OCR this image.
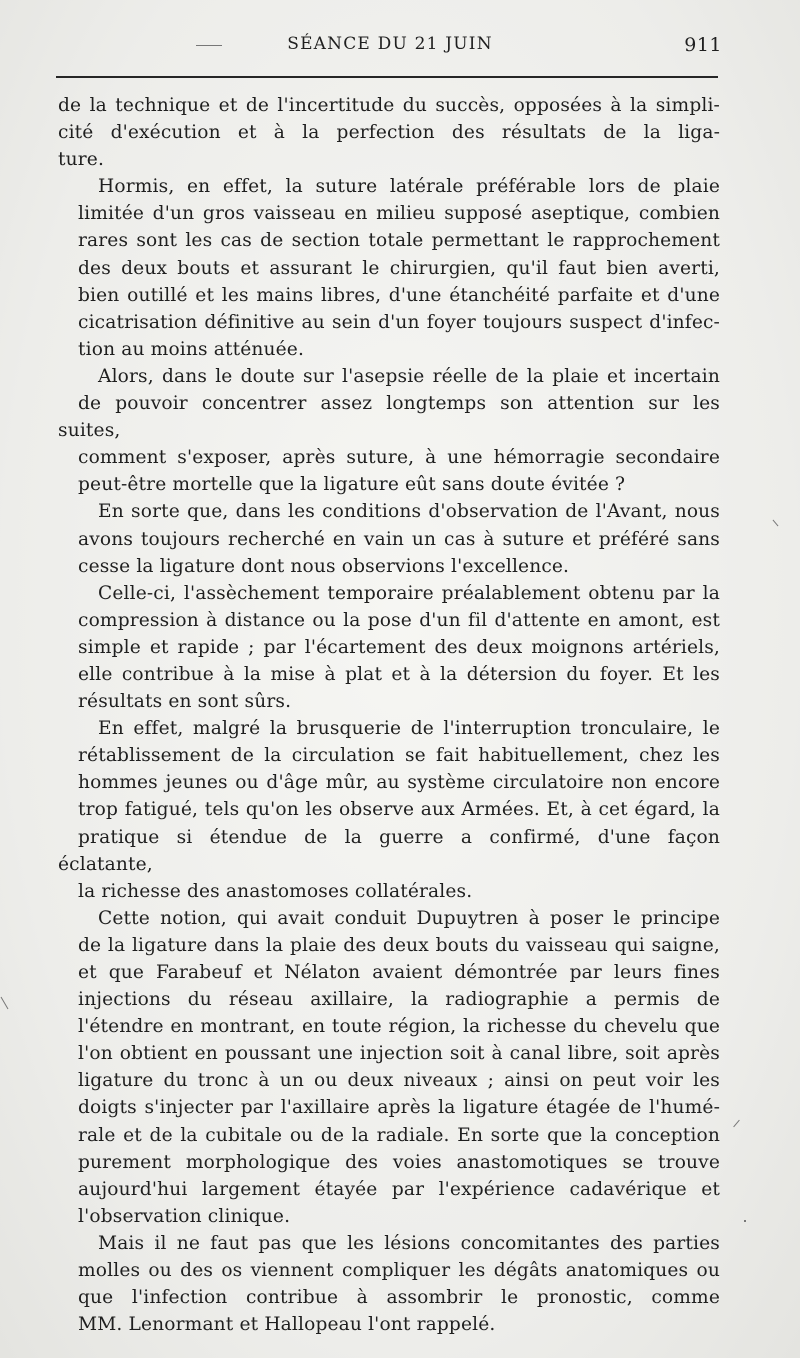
SÉANCE DU 21 JUIN	911

de la technique et de l'incertitude du succès, opposées à la simpli-
cité d'exécution et à la perfection des résultats de la liga-
ture.

Hormis, en effet, la suture latérale préférable lors de plaie
limitée d'un gros vaisseau en milieu supposé aseptique, combien
rares sont les cas de section totale permettant le rapprochement
des deux bouts et assurant le chirurgien, qu'il faut bien averti,
bien outillé et les mains libres, d'une étanchéité parfaite et d'une
cicatrisation définitive au sein d'un foyer toujours suspect d'infec-
tion au moins atténuée.

Alors, dans le doute sur l'asepsie réelle de la plaie et incertain
de pouvoir concentrer assez longtemps son attention sur les suites,
comment s'exposer, après suture, à une hémorragie secondaire
peut-être mortelle que la ligature eût sans doute évitée ?

En sorte que, dans les conditions d'observation de l'Avant, nous
avons toujours recherché en vain un cas à suture et préféré sans
cesse la ligature dont nous observions l'excellence.

Celle-ci, l'assèchement temporaire préalablement obtenu par la
compression à distance ou la pose d'un fil d'attente en amont, est
simple et rapide ; par l'écartement des deux moignons artériels,
elle contribue à la mise à plat et à la détersion du foyer. Et les
résultats en sont sûrs.

En effet, malgré la brusquerie de l'interruption tronculaire, le
rétablissement de la circulation se fait habituellement, chez les
hommes jeunes ou d'âge mûr, au système circulatoire non encore
trop fatigué, tels qu'on les observe aux Armées. Et, à cet égard, la
pratique si étendue de la guerre a confirmé, d'une façon éclatante,
la richesse des anastomoses collatérales.

Cette notion, qui avait conduit Dupuytren à poser le principe
de la ligature dans la plaie des deux bouts du vaisseau qui saigne,
et que Farabeuf et Nélaton avaient démontrée par leurs fines
injections du réseau axillaire, la radiographie a permis de
l'étendre en montrant, en toute région, la richesse du chevelu que
l'on obtient en poussant une injection soit à canal libre, soit après
ligature du tronc à un ou deux niveaux ; ainsi on peut voir les
doigts s'injecter par l'axillaire après la ligature étagée de l'humé-
rale et de la cubitale ou de la radiale. En sorte que la conception
purement morphologique des voies anastomotiques se trouve
aujourd'hui largement étayée par l'expérience cadavérique et
l'observation clinique.

Mais il ne faut pas que les lésions concomitantes des parties
molles ou des os viennent compliquer les dégâts anatomiques ou
que l'infection contribue à assombrir le pronostic, comme
MM. Lenormant et Hallopeau l'ont rappelé.
